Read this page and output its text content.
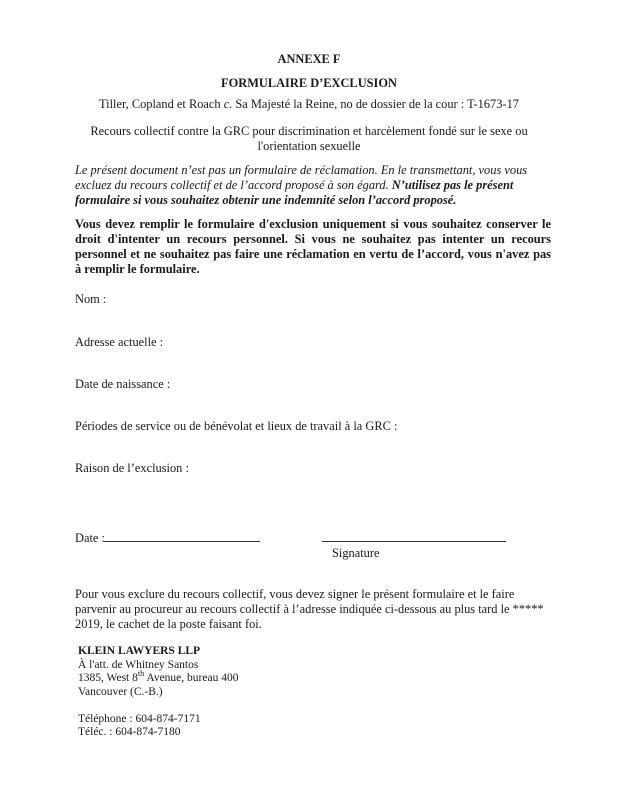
ANNEXE F
FORMULAIRE D’EXCLUSION
Tiller, Copland et Roach c. Sa Majesté la Reine, no de dossier de la cour : T-1673-17
Recours collectif contre la GRC pour discrimination et harcèlement fondé sur le sexe ou
l'orientation sexuelle
Le présent document n’est pas un formulaire de réclamation. En le transmettant, vous vous excluez du recours collectif et de l’accord proposé à son égard. N’utilisez pas le présent formulaire si vous souhaitez obtenir une indemnité selon l’accord proposé.
Vous devez remplir le formulaire d'exclusion uniquement si vous souhaitez conserver le droit d'intenter un recours personnel. Si vous ne souhaitez pas intenter un recours personnel et ne souhaitez pas faire une réclamation en vertu de l’accord, vous n'avez pas à remplir le formulaire.
Nom :
Adresse actuelle :
Date de naissance :
Périodes de service ou de bénévolat et lieux de travail à la GRC :
Raison de l’exclusion :
Date :
Signature
Pour vous exclure du recours collectif, vous devez signer le présent formulaire et le faire
parvenir au procureur au recours collectif à l’adresse indiquée ci-dessous au plus tard le *****
2019, le cachet de la poste faisant foi.
KLEIN LAWYERS LLP
À l'att. de Whitney Santos
1385, West 8th Avenue, bureau 400
Vancouver (C.-B.)
Téléphone : 604-874-7171
Téléc. : 604-874-7180
